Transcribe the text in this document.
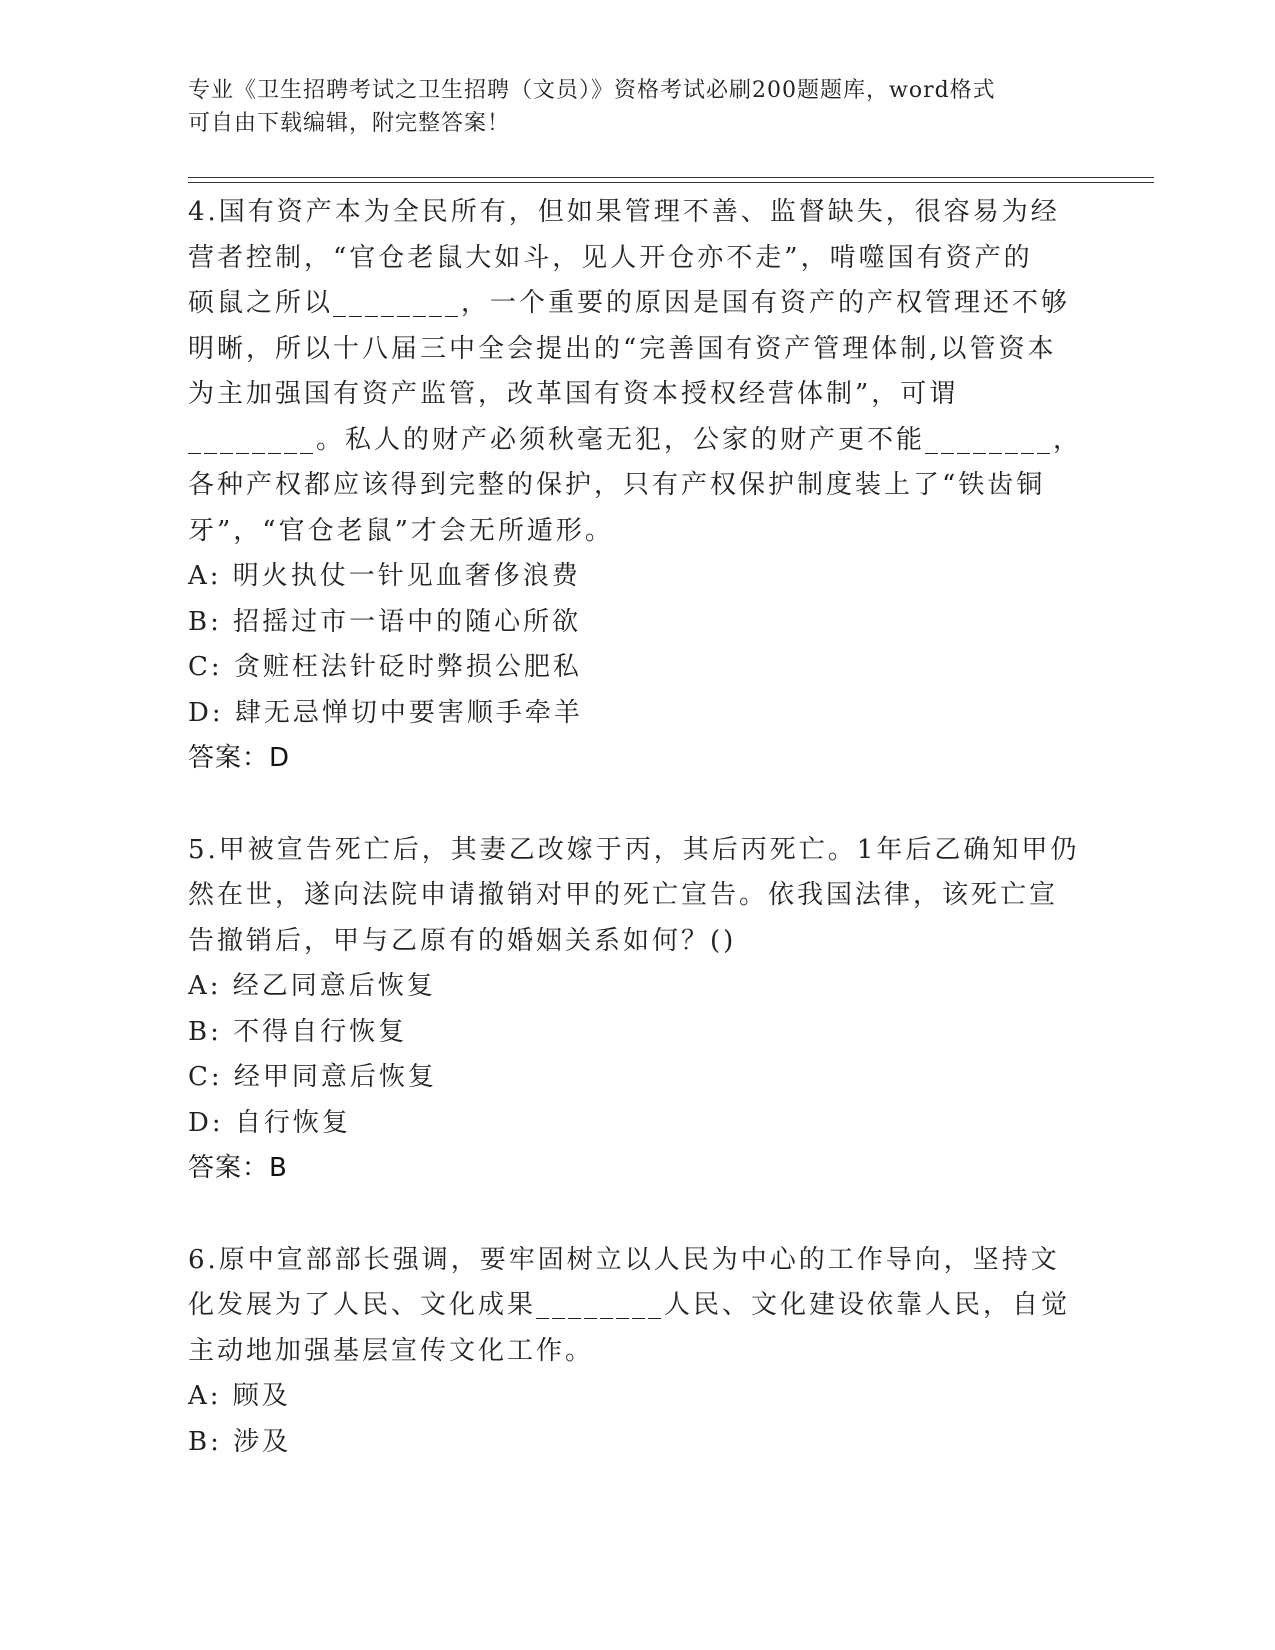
专业《卫生招聘考试之卫生招聘（文员）》资格考试必刷200题题库，word格式
可自由下载编辑，附完整答案！
4.国有资产本为全民所有，但如果管理不善、监督缺失，很容易为经
营者控制，“官仓老鼠大如斗，见人开仓亦不走”，啃噬国有资产的
硕鼠之所以________，一个重要的原因是国有资产的产权管理还不够
明晰，所以十八届三中全会提出的“完善国有资产管理体制,以管资本
为主加强国有资产监管，改革国有资本授权经营体制”，可谓
________。私人的财产必须秋毫无犯，公家的财产更不能________，
各种产权都应该得到完整的保护，只有产权保护制度装上了“铁齿铜
牙”，“官仓老鼠”才会无所遁形。
A: 明火执仗一针见血奢侈浪费
B: 招摇过市一语中的随心所欲
C: 贪赃枉法针砭时弊损公肥私
D: 肆无忌惮切中要害顺手牵羊
答案：D
5.甲被宣告死亡后，其妻乙改嫁于丙，其后丙死亡。1年后乙确知甲仍
然在世，遂向法院申请撤销对甲的死亡宣告。依我国法律，该死亡宣
告撤销后，甲与乙原有的婚姻关系如何？()
A: 经乙同意后恢复
B: 不得自行恢复
C: 经甲同意后恢复
D: 自行恢复
答案：B
6.原中宣部部长强调，要牢固树立以人民为中心的工作导向，坚持文
化发展为了人民、文化成果________人民、文化建设依靠人民，自觉
主动地加强基层宣传文化工作。
A: 顾及
B: 涉及
